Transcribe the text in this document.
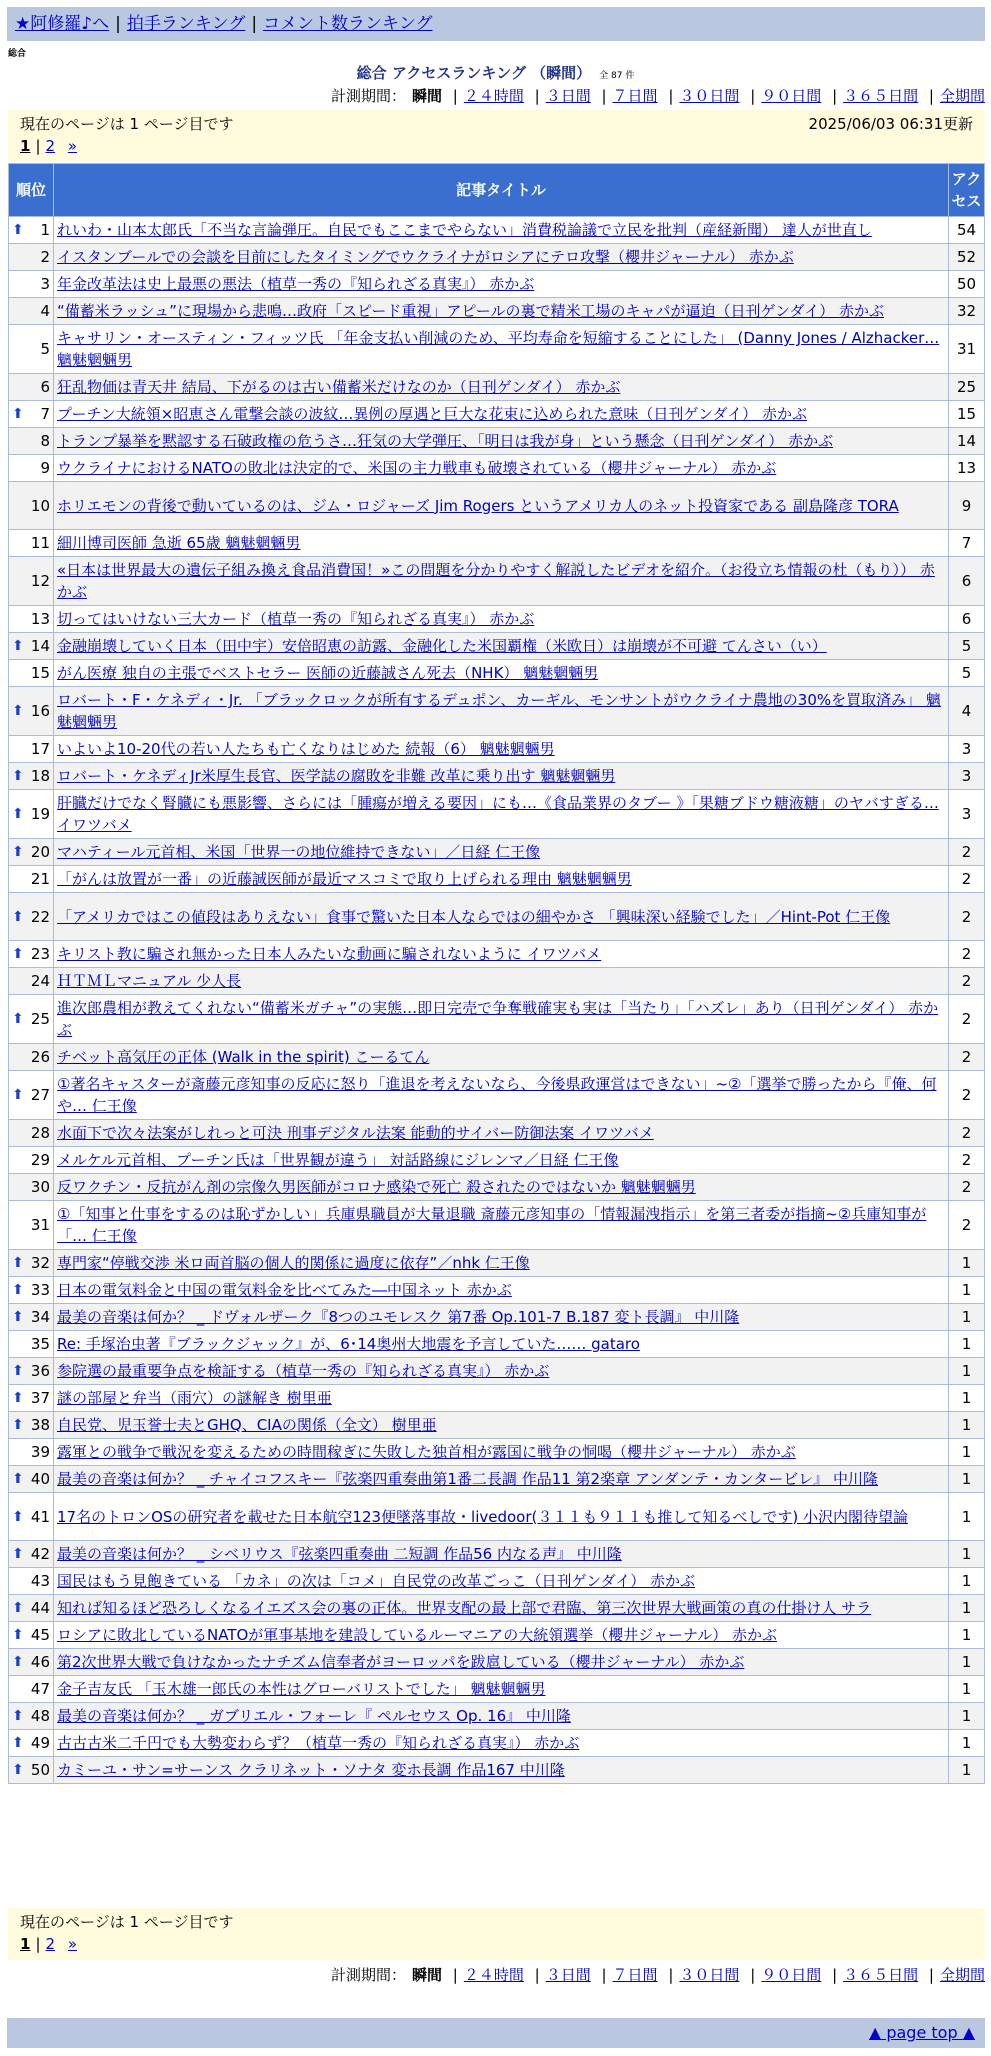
★阿修羅♪へ | 拍手ランキング | コメント数ランキング
総合
総合 アクセスランキング （瞬間） 全 87 件
計測期間： 瞬間 | ２４時間 | ３日間 | ７日間 | ３０日間 | ９０日間 | ３６５日間 | 全期間
現在のページは 1 ページ目です	2025/06/03 06:31更新
1 | 2 »
順位	記事タイトル	アクセス

⬆ 1	れいわ・山本太郎氏「不当な言論弾圧。自民でもここまでやらない」消費税論議で立民を批判（産経新聞） 達人が世直し	54
2	イスタンブールでの会談を目前にしたタイミングでウクライナがロシアにテロ攻撃（櫻井ジャーナル） 赤かぶ	52
3	年金改革法は史上最悪の悪法（植草一秀の『知られざる真実』） 赤かぶ	50
4	“備蓄米ラッシュ”に現場から悲鳴…政府「スピード重視」アピールの裏で精米工場のキャパが逼迫（日刊ゲンダイ） 赤かぶ	32
5	キャサリン・オースティン・フィッツ氏 「年金支払い削減のため、平均寿命を短縮することにした」 (Danny Jones / Alzhacker… 魑魅魍魎男	31
6	狂乱物価は青天井 結局、下がるのは古い備蓄米だけなのか（日刊ゲンダイ） 赤かぶ	25

⬆ 7	プーチン大統領×昭恵さん電撃会談の波紋…異例の厚遇と巨大な花束に込められた意味（日刊ゲンダイ） 赤かぶ	15
8	トランプ暴挙を黙認する石破政権の危うさ…狂気の大学弾圧、「明日は我が身」という懸念（日刊ゲンダイ） 赤かぶ	14
9	ウクライナにおけるNATOの敗北は決定的で、米国の主力戦車も破壊されている（櫻井ジャーナル） 赤かぶ	13
10	ホリエモンの背後で動いているのは、ジム・ロジャーズ Jim Rogers というアメリカ人のネット投資家である 副島隆彦 TORA	9
11	細川博司医師 急逝 65歳 魑魅魍魎男	7
12	«日本は世界最大の遺伝子組み換え食品消費国！»この問題を分かりやすく解説したビデオを紹介。（お役立ち情報の杜（もり）） 赤かぶ	6
13	切ってはいけない三大カード（植草一秀の『知られざる真実』） 赤かぶ	6

⬆ 14	金融崩壊していく日本（田中宇）安倍昭恵の訪露、金融化した米国覇権（米欧日）は崩壊が不可避 てんさい（い）	5
15	がん医療 独自の主張でベストセラー 医師の近藤誠さん死去（NHK） 魑魅魍魎男	5

⬆ 16	ロバート・F・ケネディ・Jr. 「ブラックロックが所有するデュポン、カーギル、モンサントがウクライナ農地の30%を買取済み」 魑魅魍魎男	4
17	いよいよ10-20代の若い人たちも亡くなりはじめた 続報（6） 魑魅魍魎男	3

⬆ 18	ロバート・ケネディJr米厚生長官、医学誌の腐敗を非難 改革に乗り出す 魑魅魍魎男	3

⬆ 19	肝臓だけでなく腎臓にも悪影響、さらには「腫瘍が増える要因」にも…《食品業界のタブー 》「果糖ブドウ糖液糖」のヤバすぎる… イワツバメ	3

⬆ 20	マハティール元首相、米国「世界一の地位維持できない」／日経 仁王像	2
21	「がんは放置が一番」の近藤誠医師が最近マスコミで取り上げられる理由 魑魅魍魎男	2

⬆ 22	「アメリカではこの値段はありえない」食事で驚いた日本人ならではの細やかさ 「興味深い経験でした」／Hint-Pot 仁王像	2

⬆ 23	キリスト教に騙され無かった日本人みたいな動画に騙されないように イワツバメ	2
24	ＨＴＭＬマニュアル 少人長	2

⬆ 25	進次郎農相が教えてくれない“備蓄米ガチャ”の実態…即日完売で争奪戦確実も実は「当たり」「ハズレ」あり（日刊ゲンダイ） 赤かぶ	2
26	チベット高気圧の正体 (Walk in the spirit) こーるてん	2

⬆ 27	①著名キャスターが斎藤元彦知事の反応に怒り「進退を考えないなら、今後県政運営はできない」~②「選挙で勝ったから『俺、何や… 仁王像	2
28	水面下で次々法案がしれっと可決 刑事デジタル法案 能動的サイバー防御法案 イワツバメ	2
29	メルケル元首相、プーチン氏は「世界観が違う」 対話路線にジレンマ／日経 仁王像	2
30	反ワクチン・反抗がん剤の宗像久男医師がコロナ感染で死亡 殺されたのではないか 魑魅魍魎男	2
31	①「知事と仕事をするのは恥ずかしい」兵庫県職員が大量退職 斎藤元彦知事の「情報漏洩指示」を第三者委が指摘~②兵庫知事が「… 仁王像	2

⬆ 32	専門家“停戦交渉 米ロ両首脳の個人的関係に過度に依存”／nhk 仁王像	1

⬆ 33	日本の電気料金と中国の電気料金を比べてみた―中国ネット 赤かぶ	1

⬆ 34	最美の音楽は何か？ _ ドヴォルザーク『8つのユモレスク 第7番 Op.101-7 B.187 変ト長調』 中川隆	1
35	Re: 手塚治虫著『ブラックジャック』が、6･14奥州大地震を予言していた…… gataro	1

⬆ 36	参院選の最重要争点を検証する（植草一秀の『知られざる真実』） 赤かぶ	1

⬆ 37	謎の部屋と弁当（雨穴）の謎解き 樹里亜	1

⬆ 38	自民党、児玉誉士夫とGHQ、CIAの関係（全文） 樹里亜	1
39	露軍との戦争で戦況を変えるための時間稼ぎに失敗した独首相が露国に戦争の恫喝（櫻井ジャーナル） 赤かぶ	1

⬆ 40	最美の音楽は何か？ _ チャイコフスキー『弦楽四重奏曲第1番二長調 作品11 第2楽章 アンダンテ・カンタービレ』 中川隆	1

⬆ 41	17名のトロンOSの研究者を載せた日本航空123便墜落事故・livedoor(３１１も９１１も推して知るべしです) 小沢内閣待望論	1

⬆ 42	最美の音楽は何か？ _ シベリウス『弦楽四重奏曲 二短調 作品56 内なる声』 中川隆	1
43	国民はもう見飽きている 「カネ」の次は「コメ」自民党の改革ごっこ（日刊ゲンダイ） 赤かぶ	1

⬆ 44	知れば知るほど恐ろしくなるイエズス会の裏の正体。世界支配の最上部で君臨、第三次世界大戦画策の真の仕掛け人 サラ	1

⬆ 45	ロシアに敗北しているNATOが軍事基地を建設しているルーマニアの大統領選挙（櫻井ジャーナル） 赤かぶ	1

⬆ 46	第2次世界大戦で負けなかったナチズム信奉者がヨーロッパを跋扈している（櫻井ジャーナル） 赤かぶ	1
47	金子吉友氏 「玉木雄一郎氏の本性はグローバリストでした」 魑魅魍魎男	1

⬆ 48	最美の音楽は何か？ _ ガブリエル・フォーレ『 ペルセウス Op. 16』 中川隆	1

⬆ 49	古古古米二千円でも大勢変わらず？（植草一秀の『知られざる真実』） 赤かぶ	1

⬆ 50	カミーユ・サン=サーンス クラリネット・ソナタ 変ホ長調 作品167 中川隆	1
現在のページは 1 ページ目です
1 | 2 »
計測期間： 瞬間 | ２４時間 | ３日間 | ７日間 | ３０日間 | ９０日間 | ３６５日間 | 全期間
▲ page top ▲
